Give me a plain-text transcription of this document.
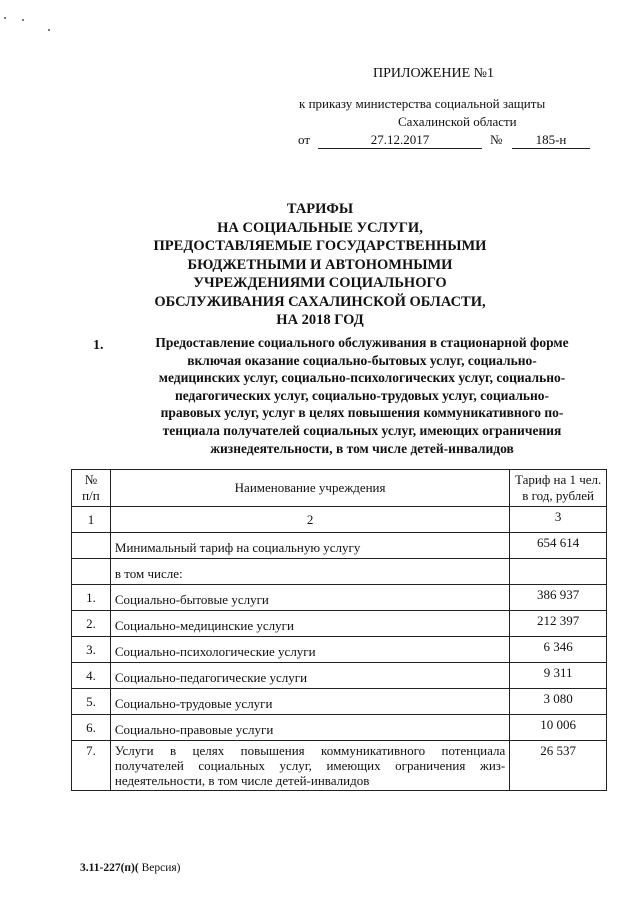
ПРИЛОЖЕНИЕ №1
к приказу министерства социальной защиты
Сахалинской области
от	27.12.2017	№	185-н
ТАРИФЫ
НА СОЦИАЛЬНЫЕ УСЛУГИ,
ПРЕДОСТАВЛЯЕМЫЕ ГОСУДАРСТВЕННЫМИ
БЮДЖЕТНЫМИ И АВТОНОМНЫМИ
УЧРЕЖДЕНИЯМИ СОЦИАЛЬНОГО
ОБСЛУЖИВАНИЯ САХАЛИНСКОЙ ОБЛАСТИ,
НА 2018 ГОД
1.	Предоставление социального обслуживания в стационарной форме
включая оказание социально-бытовых услуг, социально-
медицинских услуг, социально-психологических услуг, социально-
педагогических услуг, социально-трудовых услуг, социально-
правовых услуг, услуг в целях повышения коммуникативного по-
тенциала получателей социальных услуг, имеющих ограничения
жизнедеятельности, в том числе детей-инвалидов
№
п/п	Наименование учреждения	Тариф на 1 чел.
в год, рублей
1	2	3
	Минимальный тариф на социальную услугу	654 614
	в том числе:	
1.	Социально-бытовые услуги	386 937
2.	Социально-медицинские услуги	212 397
3.	Социально-психологические услуги	6 346
4.	Социально-педагогические услуги	9 311
5.	Социально-трудовые услуги	3 080
6.	Социально-правовые услуги	10 006
7.	Услуги в целях повышения коммуникативного потенциала получателей социальных услуг, имеющих ограничения жиз-недеятельности, в том числе детей-инвалидов	26 537
3.11-227(п)( Версия)
